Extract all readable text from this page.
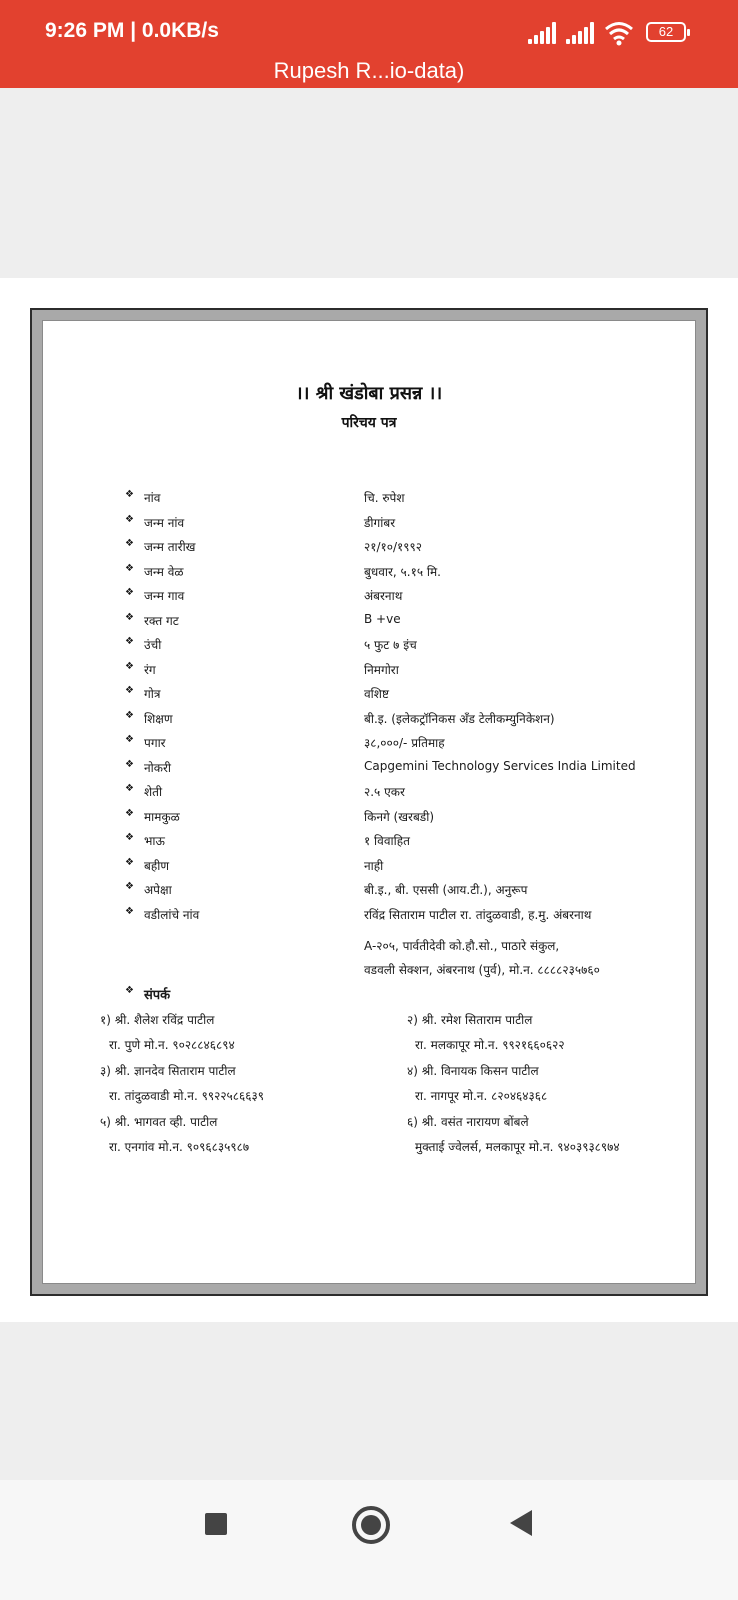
9:26 PM | 0.0KB/s	62
Rupesh R...io-data)
।। श्री खंडोबा प्रसन्न ।।
परिचय पत्र
❖ नांव	चि. रुपेश
❖ जन्म नांव	डीगांबर
❖ जन्म तारीख	२१/१०/१९९२
❖ जन्म वेळ	बुधवार, ५.१५ मि.
❖ जन्म गाव	अंबरनाथ
❖ रक्त गट	B +ve
❖ उंची	५ फुट ७ इंच
❖ रंग	निमगोरा
❖ गोत्र	वशिष्ट
❖ शिक्षण	बी.इ. (इलेकट्रॉनिकस अँड टेलीकम्युनिकेशन)
❖ पगार	३८,०००/- प्रतिमाह
❖ नोकरी	Capgemini Technology Services India Limited
❖ शेती	२.५ एकर
❖ मामकुळ	किनगे (खरबडी)
❖ भाऊ	१ विवाहित
❖ बहीण	नाही
❖ अपेक्षा	बी.इ., बी. एससी (आय.टी.), अनुरूप
❖ वडीलांचे नांव	रविंद्र सिताराम पाटील रा. तांदुळवाडी, ह.मु. अंबरनाथ
A-२०५, पार्वतीदेवी को.हौ.सो., पाठारे संकुल,
वडवली सेक्शन, अंबरनाथ (पुर्व), मो.न. ८८८८२३५७६०
❖ संपर्क
१) श्री. शैलेश रविंद्र पाटील
रा. पुणे मो.न. ९०२८८४६८९४
२) श्री. रमेश सिताराम पाटील
रा. मलकापूर मो.न. ९९२१६६०६२२
३) श्री. ज्ञानदेव सिताराम पाटील
रा. तांदुळवाडी मो.न. ९९२२५८६६३९
४) श्री. विनायक किसन पाटील
रा. नागपूर मो.न. ८२०४६४३६८
५) श्री. भागवत व्ही. पाटील
रा. एनगांव मो.न. ९०९६८३५९८७
६) श्री. वसंत नारायण बोंबले
मुक्ताई ज्वेलर्स, मलकापूर मो.न. ९४०३९३८९७४
